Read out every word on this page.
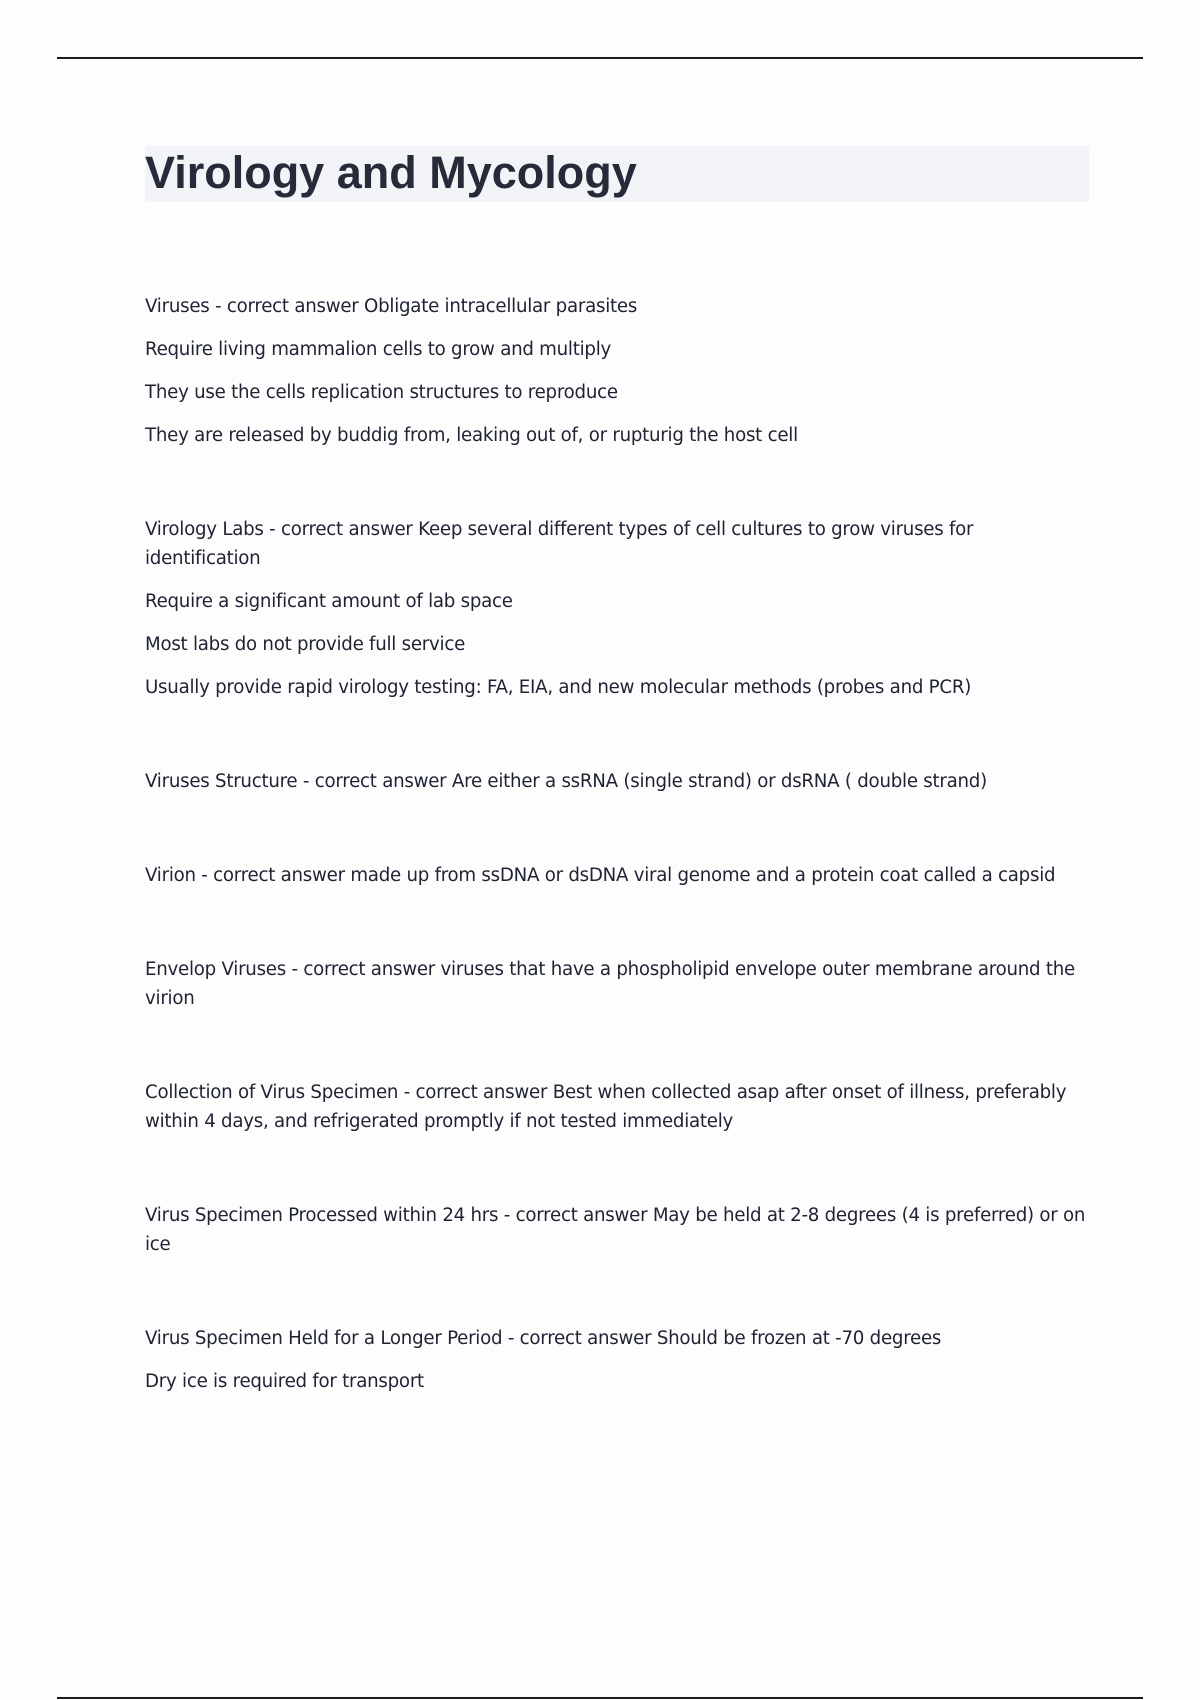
Virology and Mycology

Viruses - correct answer Obligate intracellular parasites

Require living mammalion cells to grow and multiply

They use the cells replication structures to reproduce

They are released by buddig from, leaking out of, or rupturig the host cell

Virology Labs - correct answer Keep several different types of cell cultures to grow viruses for identification

Require a significant amount of lab space

Most labs do not provide full service

Usually provide rapid virology testing: FA, EIA, and new molecular methods (probes and PCR)

Viruses Structure - correct answer Are either a ssRNA (single strand) or dsRNA ( double strand)

Virion - correct answer made up from ssDNA or dsDNA viral genome and a protein coat called a capsid

Envelop Viruses - correct answer viruses that have a phospholipid envelope outer membrane around the virion

Collection of Virus Specimen - correct answer Best when collected asap after onset of illness, preferably within 4 days, and refrigerated promptly if not tested immediately

Virus Specimen Processed within 24 hrs - correct answer May be held at 2-8 degrees (4 is preferred) or on ice

Virus Specimen Held for a Longer Period - correct answer Should be frozen at -70 degrees

Dry ice is required for transport
